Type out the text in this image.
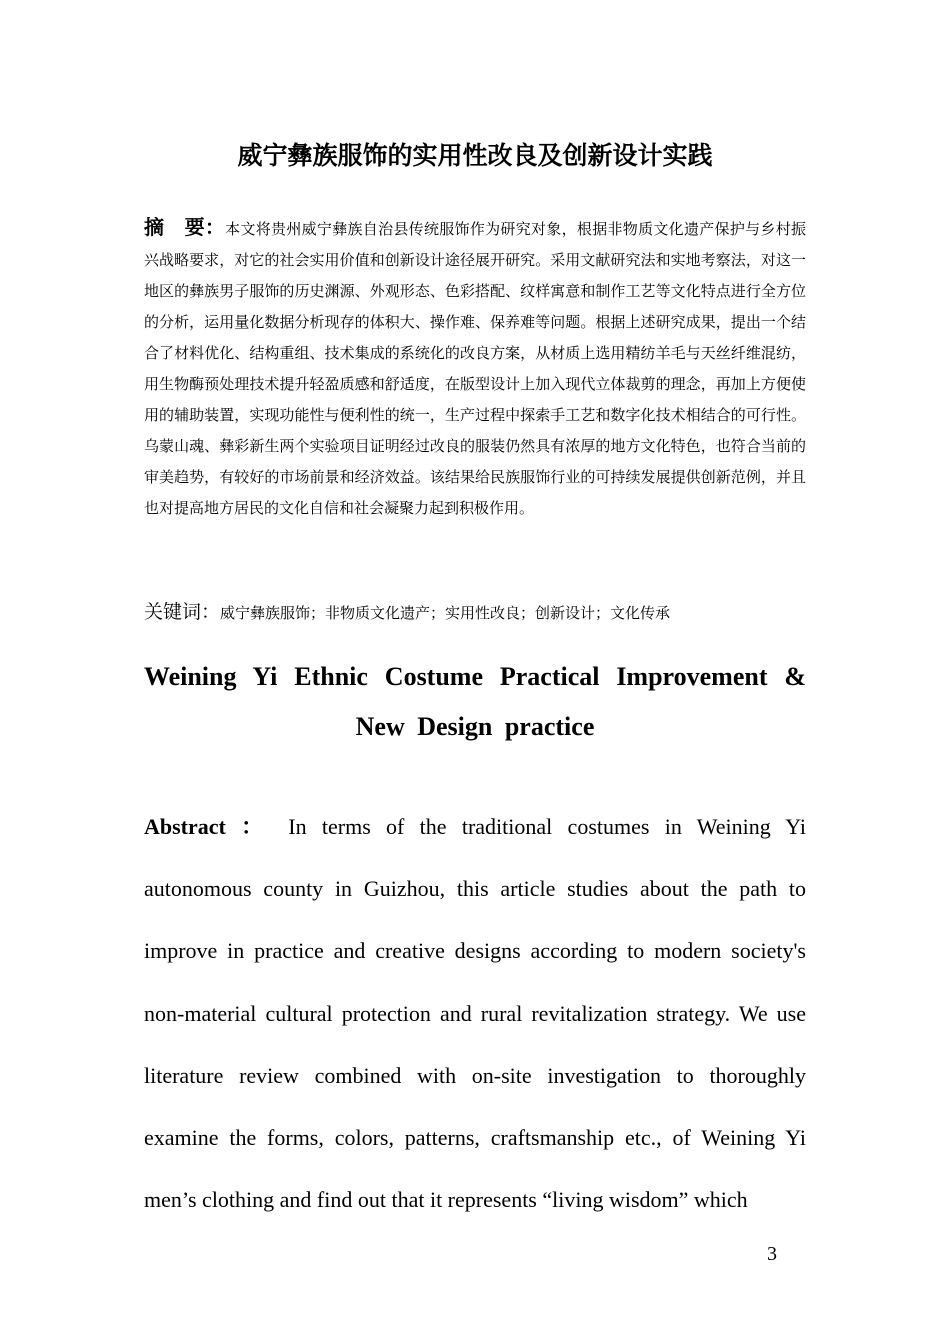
威宁彝族服饰的实用性改良及创新设计实践

摘　要：本文将贵州威宁彝族自治县传统服饰作为研究对象，根据非物质文化遗产保护与乡村振兴战略要求，对它的社会实用价值和创新设计途径展开研究。采用文献研究法和实地考察法，对这一地区的彝族男子服饰的历史渊源、外观形态、色彩搭配、纹样寓意和制作工艺等文化特点进行全方位的分析，运用量化数据分析现存的体积大、操作难、保养难等问题。根据上述研究成果，提出一个结合了材料优化、结构重组、技术集成的系统化的改良方案，从材质上选用精纺羊毛与天丝纤维混纺，用生物酶预处理技术提升轻盈质感和舒适度，在版型设计上加入现代立体裁剪的理念，再加上方便使用的辅助装置，实现功能性与便利性的统一，生产过程中探索手工艺和数字化技术相结合的可行性。乌蒙山魂、彝彩新生两个实验项目证明经过改良的服装仍然具有浓厚的地方文化特色，也符合当前的审美趋势，有较好的市场前景和经济效益。该结果给民族服饰行业的可持续发展提供创新范例，并且也对提高地方居民的文化自信和社会凝聚力起到积极作用。

关键词：威宁彝族服饰；非物质文化遗产；实用性改良；创新设计；文化传承

Weining Yi Ethnic Costume Practical Improvement &
New Design practice

Abstract ： In terms of the traditional costumes in Weining Yi autonomous county in Guizhou, this article studies about the path to improve in practice and creative designs according to modern society's non-material cultural protection and rural revitalization strategy. We use literature review combined with on-site investigation to thoroughly examine the forms, colors, patterns, craftsmanship etc., of Weining Yi men’s clothing and find out that it represents “living wisdom” which

3
